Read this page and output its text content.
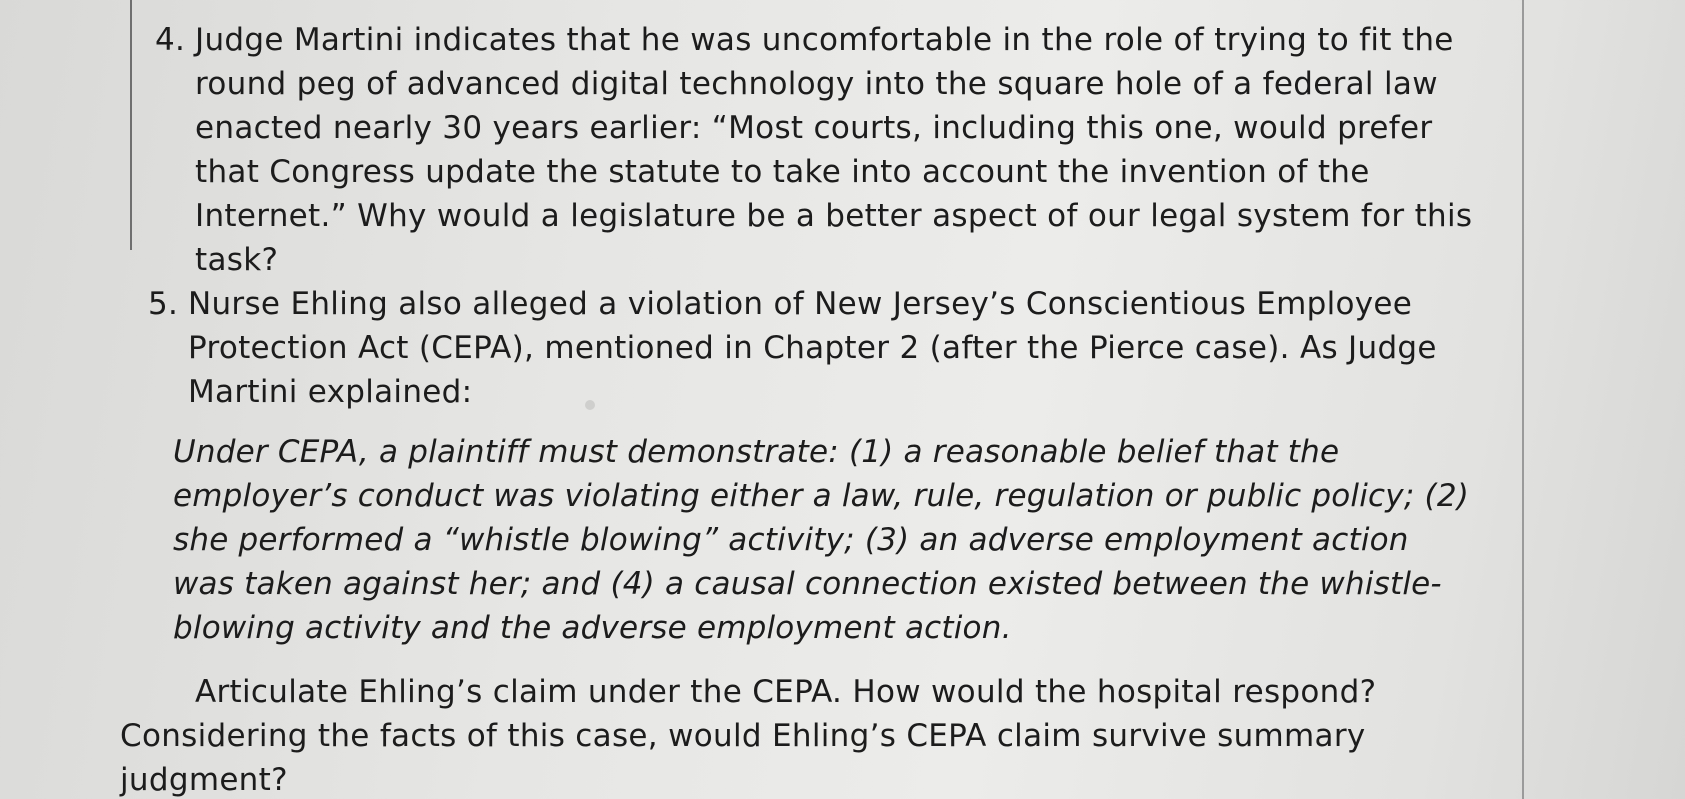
4. Judge Martini indicates that he was uncomfortable in the role of trying to fit the round peg of advanced digital technology into the square hole of a federal law enacted nearly 30 years earlier: “Most courts, including this one, would prefer that Congress update the statute to take into account the invention of the Internet.” Why would a legislature be a better aspect of our legal system for this task?
5. Nurse Ehling also alleged a violation of New Jersey’s Conscientious Employee Protection Act (CEPA), mentioned in Chapter 2 (after the Pierce case). As Judge Martini explained:
Under CEPA, a plaintiff must demonstrate: (1) a reasonable belief that the employer’s conduct was violating either a law, rule, regulation or public policy; (2) she performed a “whistle blowing” activity; (3) an adverse employment action was taken against her; and (4) a causal connection existed between the whistle-blowing activity and the adverse employment action.
Articulate Ehling’s claim under the CEPA. How would the hospital respond? Considering the facts of this case, would Ehling’s CEPA claim survive summary judgment?
